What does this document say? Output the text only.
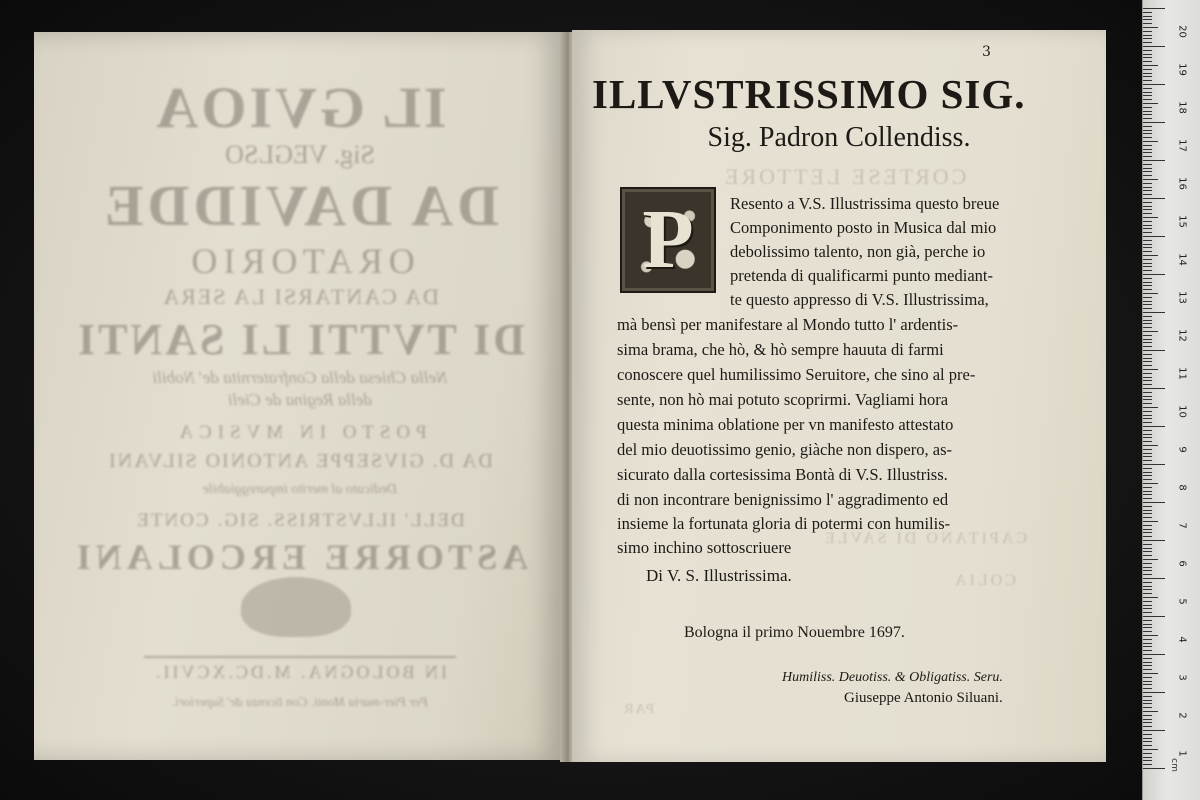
IL GVIOA
Sig. VEGLSO
DA DAVIDDE
ORATORIO
DA CANTARSI LA SERA
DI TVTTI LI SANTI
Nella Chiesa della Confraternita de' Nobili
della Regina de Cieli
POSTO IN MVSICA
DA D. GIVSEPPE ANTONIO SILVANI
Dedicato al merito impareggiabile
DELL' ILLVSTRISS. SIG. CONTE
ASTORRE ERCOLANI
IN BOLOGNA. M.DC.XCVII.
Per Pier-maria Monti. Con licenza de' Superiori.
CORTESE LETTORE
CAPITANO DI SAVLE
COLIA
PAR
3
ILLVSTRISSIMO SIG.
Sig. Padron Collendiss.
P Resento a V.S. Illustrissima questo breue
Componimento posto in Musica dal mio
debolissimo talento, non già, perche io
pretenda di qualificarmi punto mediant-
te questo appresso di V.S. Illustrissima,
mà bensì per manifestare al Mondo tutto l' ardentis-
sima brama, che hò, & hò sempre hauuta di farmi
conoscere quel humilissimo Seruitore, che sino al pre-
sente, non hò mai potuto scoprirmi. Vagliami hora
questa minima oblatione per vn manifesto attestato
del mio deuotissimo genio, giàche non dispero, as-
sicurato dalla cortesissima Bontà di V.S. Illustriss.
di non incontrare benignissimo l' aggradimento ed
insieme la fortunata gloria di potermi con humilis-
simo inchino sottoscriuere
Di V. S. Illustrissima.
Bologna il primo Nouembre 1697.
Humiliss. Deuotiss. & Obligatiss. Seru.
Giuseppe Antonio Siluani.
20
19
18
17
16
15
14
13
12
11
10
9
8
7
6
5
4
3
2
1
cm
